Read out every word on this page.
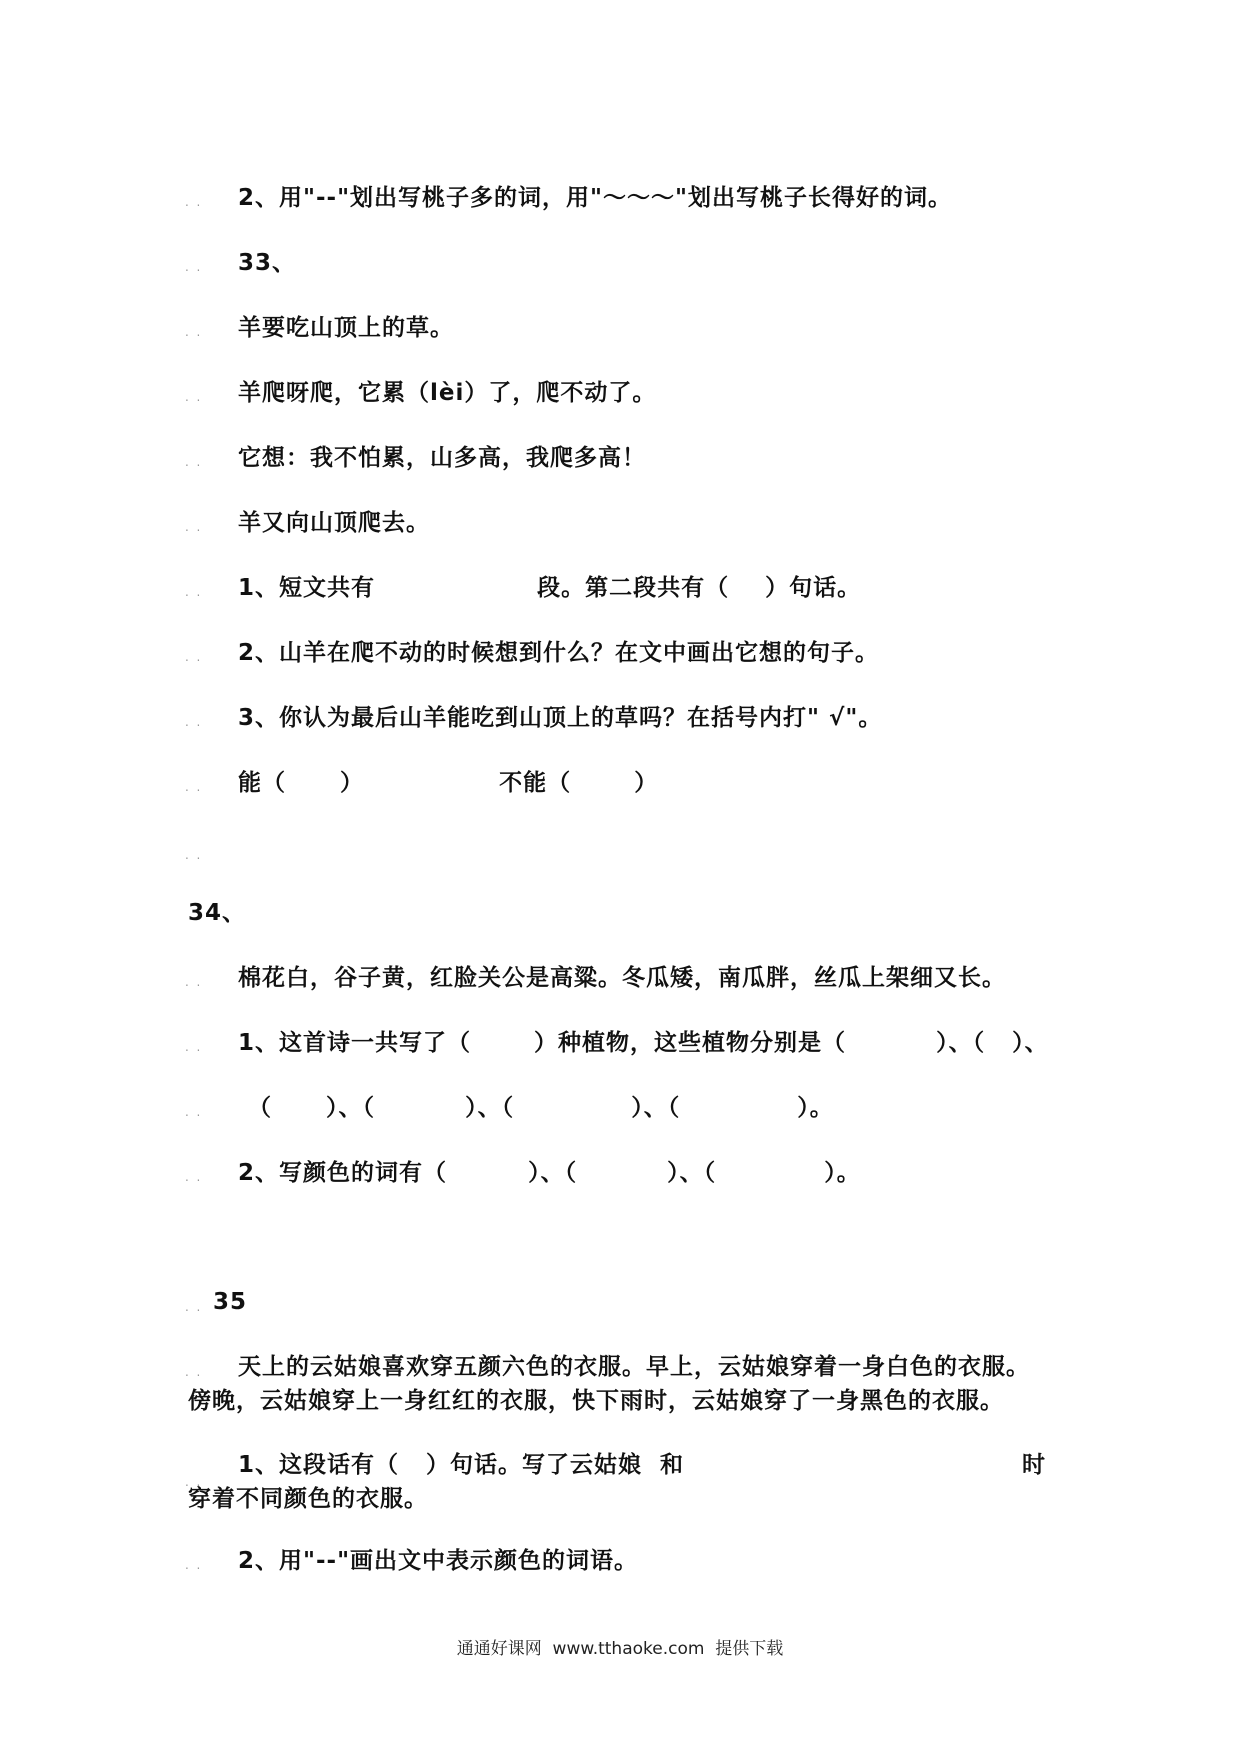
.  .
.  .
.  .
.  .
.  .
.  .
.  .
.  .
.  .
.  .
.  .
.  .
.  .
.  .
.  .
.  .
.  .
.  .
.  .
2、用"--"划出写桃子多的词，用"～～～"划出写桃子长得好的词。
33、
羊要吃山顶上的草。
羊爬呀爬，它累（lèi）了，爬不动了。
它想：我不怕累，山多高，我爬多高！
羊又向山顶爬去。
1、短文共有                  段。第二段共有（    ）句话。
2、山羊在爬不动的时候想到什么？在文中画出它想的句子。
3、你认为最后山羊能吃到山顶上的草吗？在括号内打" √"。
能（      ）               不能（       ）
34、
棉花白，谷子黄，红脸关公是高粱。冬瓜矮，南瓜胖，丝瓜上架细又长。
1、这首诗一共写了（       ）种植物，这些植物分别是（          ）、（   ）、
（      ）、（          ）、（             ）、（             ）。
2、写颜色的词有（         ）、（          ）、（            ）。
35
天上的云姑娘喜欢穿五颜六色的衣服。早上，云姑娘穿着一身白色的衣服。
傍晚，云姑娘穿上一身红红的衣服，快下雨时，云姑娘穿了一身黑色的衣服。
1、这段话有（   ）句话。写了云姑娘  和	时
穿着不同颜色的衣服。
2、用"--"画出文中表示颜色的词语。
通通好课网  www.tthaoke.com  提供下载
